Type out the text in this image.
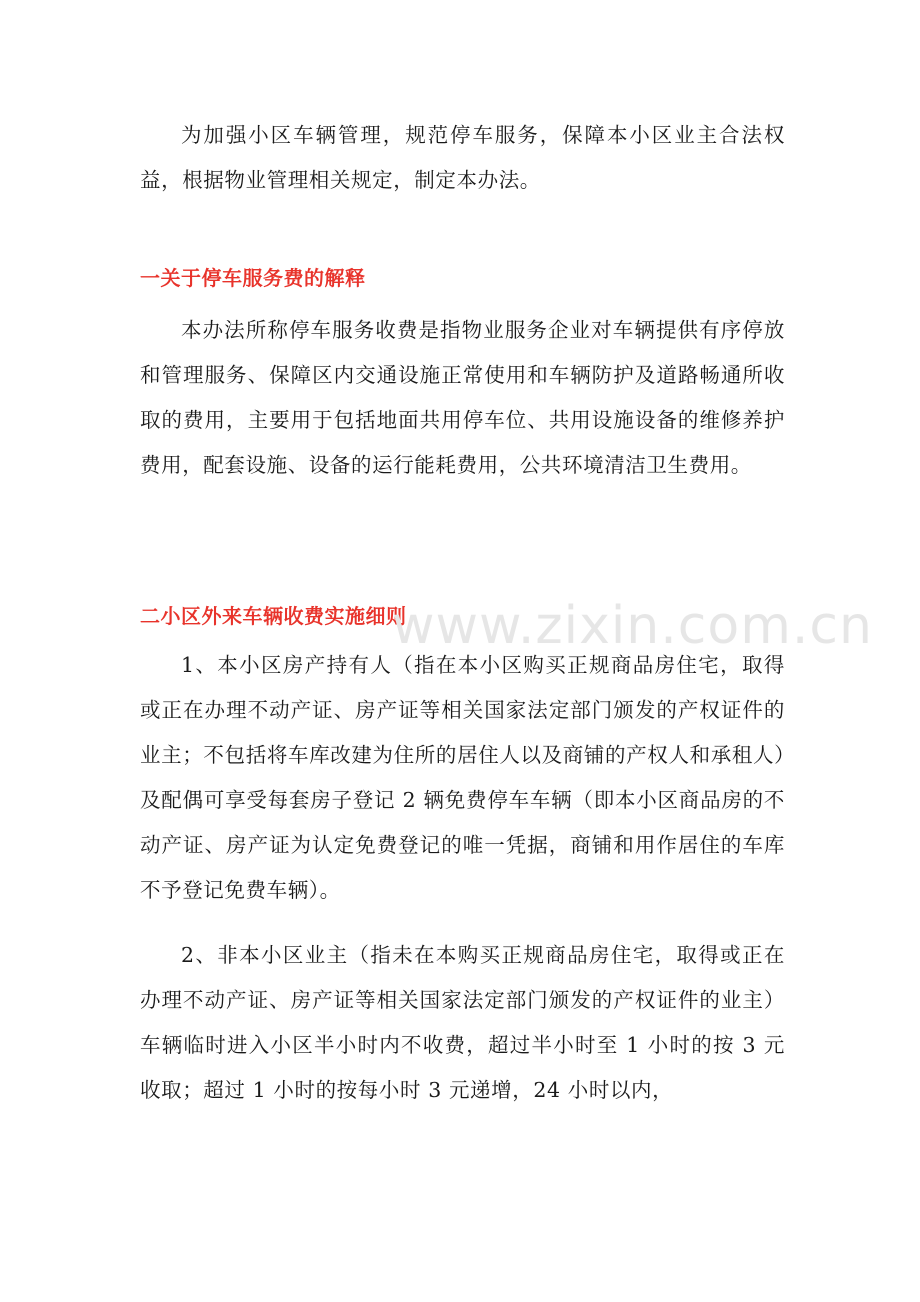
为加强小区车辆管理，规范停车服务，保障本小区业主合法权益，根据物业管理相关规定，制定本办法。

一关于停车服务费的解释

本办法所称停车服务收费是指物业服务企业对车辆提供有序停放和管理服务、保障区内交通设施正常使用和车辆防护及道路畅通所收取的费用，主要用于包括地面共用停车位、共用设施设备的维修养护费用，配套设施、设备的运行能耗费用，公共环境清洁卫生费用。

二小区外来车辆收费实施细则

1、本小区房产持有人（指在本小区购买正规商品房住宅，取得或正在办理不动产证、房产证等相关国家法定部门颁发的产权证件的业主；不包括将车库改建为住所的居住人以及商铺的产权人和承租人）及配偶可享受每套房子登记 2 辆免费停车车辆（即本小区商品房的不动产证、房产证为认定免费登记的唯一凭据，商铺和用作居住的车库不予登记免费车辆）。

2、非本小区业主（指未在本购买正规商品房住宅，取得或正在办理不动产证、房产证等相关国家法定部门颁发的产权证件的业主）车辆临时进入小区半小时内不收费，超过半小时至 1 小时的按 3 元收取；超过 1 小时的按每小时 3 元递增，24 小时以内，

www.zixin.com.cn
